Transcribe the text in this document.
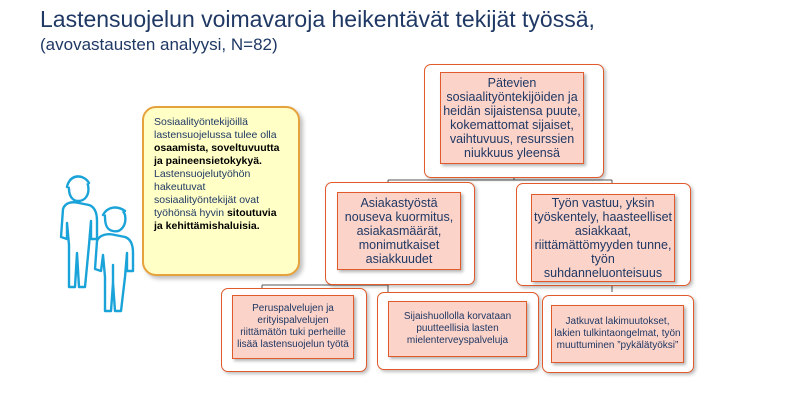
Lastensuojelun voimavaroja heikentävät tekijät työssä,

(avovastausten analyysi, N=82)

Sosiaalityöntekijöillä lastensuojelussa tulee olla osaamista, soveltuvuutta ja paineensietokykyä. Lastensuojelutyöhön hakeutuvat sosiaalityöntekijät ovat työhönsä hyvin sitoutuvia ja kehittämishaluisia.
Pätevien sosiaalityöntekijöiden ja heidän sijaistensa puute, kokemattomat sijaiset, vaihtuvuus, resurssien niukkuus yleensä
Asiakastyöstä nouseva kuormitus, asiakasmäärät, monimutkaiset asiakkuudet
Työn vastuu, yksin työskentely, haasteelliset asiakkaat, riittämättömyyden tunne, työn suhdanneluonteisuus
Peruspalvelujen ja erityispalvelujen riittämätön tuki perheille lisää lastensuojelun työtä
Sijaishuollolla korvataan puutteellisia lasten mielenterveyspalveluja
Jatkuvat lakimuutokset, lakien tulkintaongelmat, työn muuttuminen ”pykälätyöksi”
